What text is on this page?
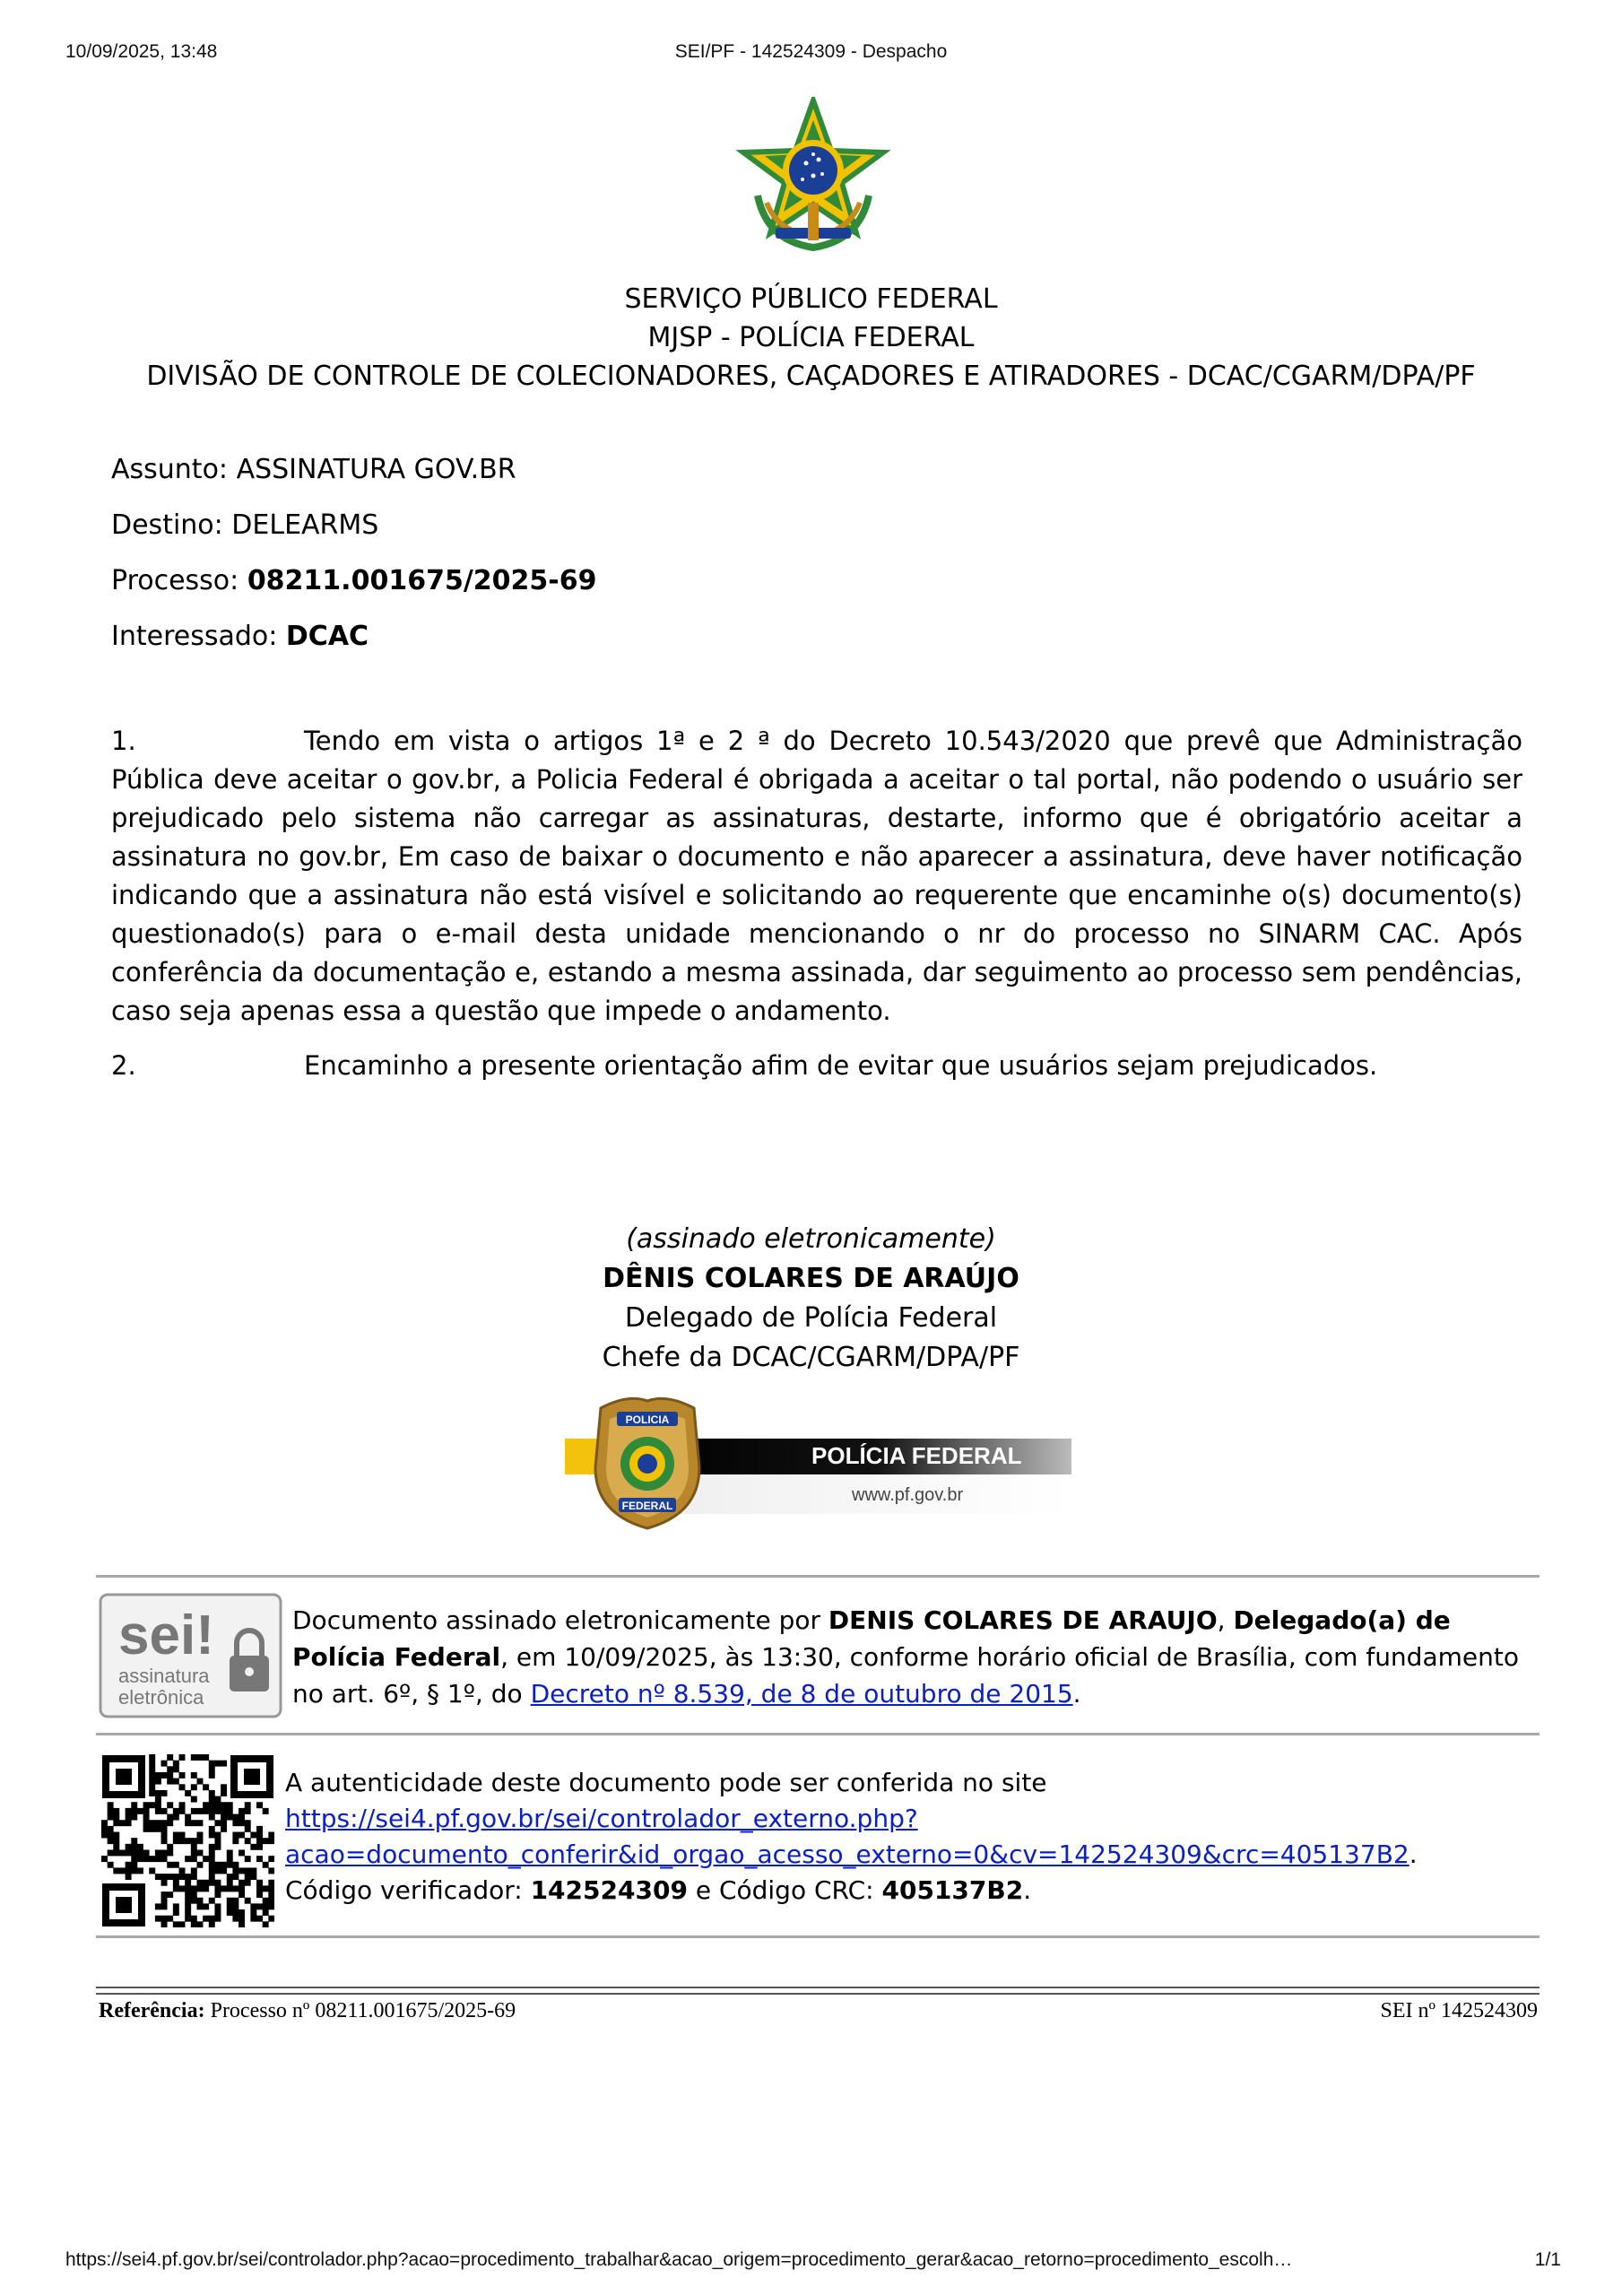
10/09/2025, 13:48	SEI/PF - 142524309 - Despacho
SERVIÇO PÚBLICO FEDERAL
MJSP - POLÍCIA FEDERAL
DIVISÃO DE CONTROLE DE COLECIONADORES, CAÇADORES E ATIRADORES - DCAC/CGARM/DPA/PF

Assunto: ASSINATURA GOV.BR

Destino: DELEARMS

Processo: 08211.001675/2025-69

Interessado: DCAC

1.	Tendo em vista o artigos 1ª e 2 ª do Decreto 10.543/2020 que prevê que Administração Pública deve aceitar o gov.br, a Policia Federal é obrigada a aceitar o tal portal, não podendo o usuário ser prejudicado pelo sistema não carregar as assinaturas, destarte, informo que é obrigatório aceitar a assinatura no gov.br, Em caso de baixar o documento e não aparecer a assinatura, deve haver notificação indicando que a assinatura não está visível e solicitando ao requerente que encaminhe o(s) documento(s) questionado(s) para o e-mail desta unidade mencionando o nr do processo no SINARM CAC. Após conferência da documentação e, estando a mesma assinada, dar seguimento ao processo sem pendências, caso seja apenas essa a questão que impede o andamento.

2.	Encaminho a presente orientação afim de evitar que usuários sejam prejudicados.

(assinado eletronicamente)
DÊNIS COLARES DE ARAÚJO
Delegado de Polícia Federal
Chefe da DCAC/CGARM/DPA/PF
POLICIA
FEDERAL
POLÍCIA FEDERAL
www.pf.gov.br
sei!
assinatura
eletrônica
Documento assinado eletronicamente por DENIS COLARES DE ARAUJO, Delegado(a) de Polícia Federal, em 10/09/2025, às 13:30, conforme horário oficial de Brasília, com fundamento no art. 6º, § 1º, do Decreto nº 8.539, de 8 de outubro de 2015.
A autenticidade deste documento pode ser conferida no site
https://sei4.pf.gov.br/sei/controlador_externo.php?
acao=documento_conferir&id_orgao_acesso_externo=0&cv=142524309&crc=405137B2.
Código verificador: 142524309 e Código CRC: 405137B2.
Referência: Processo nº 08211.001675/2025-69	SEI nº 142524309
https://sei4.pf.gov.br/sei/controlador.php?acao=procedimento_trabalhar&acao_origem=procedimento_gerar&acao_retorno=procedimento_escolh…	1/1
